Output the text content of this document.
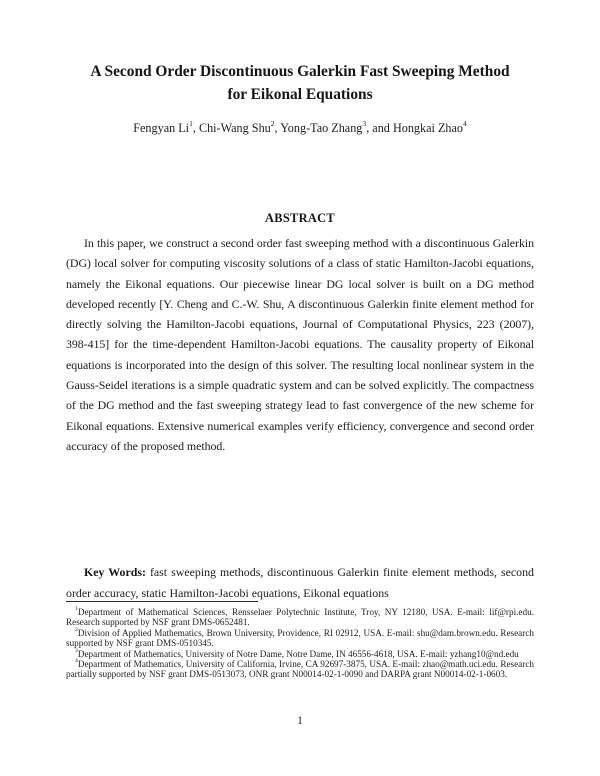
A Second Order Discontinuous Galerkin Fast Sweeping Method
for Eikonal Equations
Fengyan Li$^1$, Chi-Wang Shu$^2$, Yong-Tao Zhang$^3$, and Hongkai Zhao$^4$
ABSTRACT
In this paper, we construct a second order fast sweeping method with a discontinuous Galerkin (DG) local solver for computing viscosity solutions of a class of static Hamilton-Jacobi equations, namely the Eikonal equations. Our piecewise linear DG local solver is built on a DG method developed recently [Y. Cheng and C.-W. Shu, A discontinuous Galerkin finite element method for directly solving the Hamilton-Jacobi equations, Journal of Computational Physics, 223 (2007), 398-415] for the time-dependent Hamilton-Jacobi equations. The causality property of Eikonal equations is incorporated into the design of this solver. The resulting local nonlinear system in the Gauss-Seidel iterations is a simple quadratic system and can be solved explicitly. The compactness of the DG method and the fast sweeping strategy lead to fast convergence of the new scheme for Eikonal equations. Extensive numerical examples verify efficiency, convergence and second order accuracy of the proposed method.
Key Words: fast sweeping methods, discontinuous Galerkin finite element methods, second order accuracy, static Hamilton-Jacobi equations, Eikonal equations

$^1$Department of Mathematical Sciences, Rensselaer Polytechnic Institute, Troy, NY 12180, USA. E-mail: lif@rpi.edu. Research supported by NSF grant DMS-0652481.

$^2$Division of Applied Mathematics, Brown University, Providence, RI 02912, USA. E-mail: shu@dam.brown.edu. Research supported by NSF grant DMS-0510345.

$^3$Department of Mathematics, University of Notre Dame, Notre Dame, IN 46556-4618, USA. E-mail: yzhang10@nd.edu

$^4$Department of Mathematics, University of California, Irvine, CA 92697-3875, USA. E-mail: zhao@math.uci.edu. Research partially supported by NSF grant DMS-0513073, ONR grant N00014-02-1-0090 and DARPA grant N00014-02-1-0603.

1
